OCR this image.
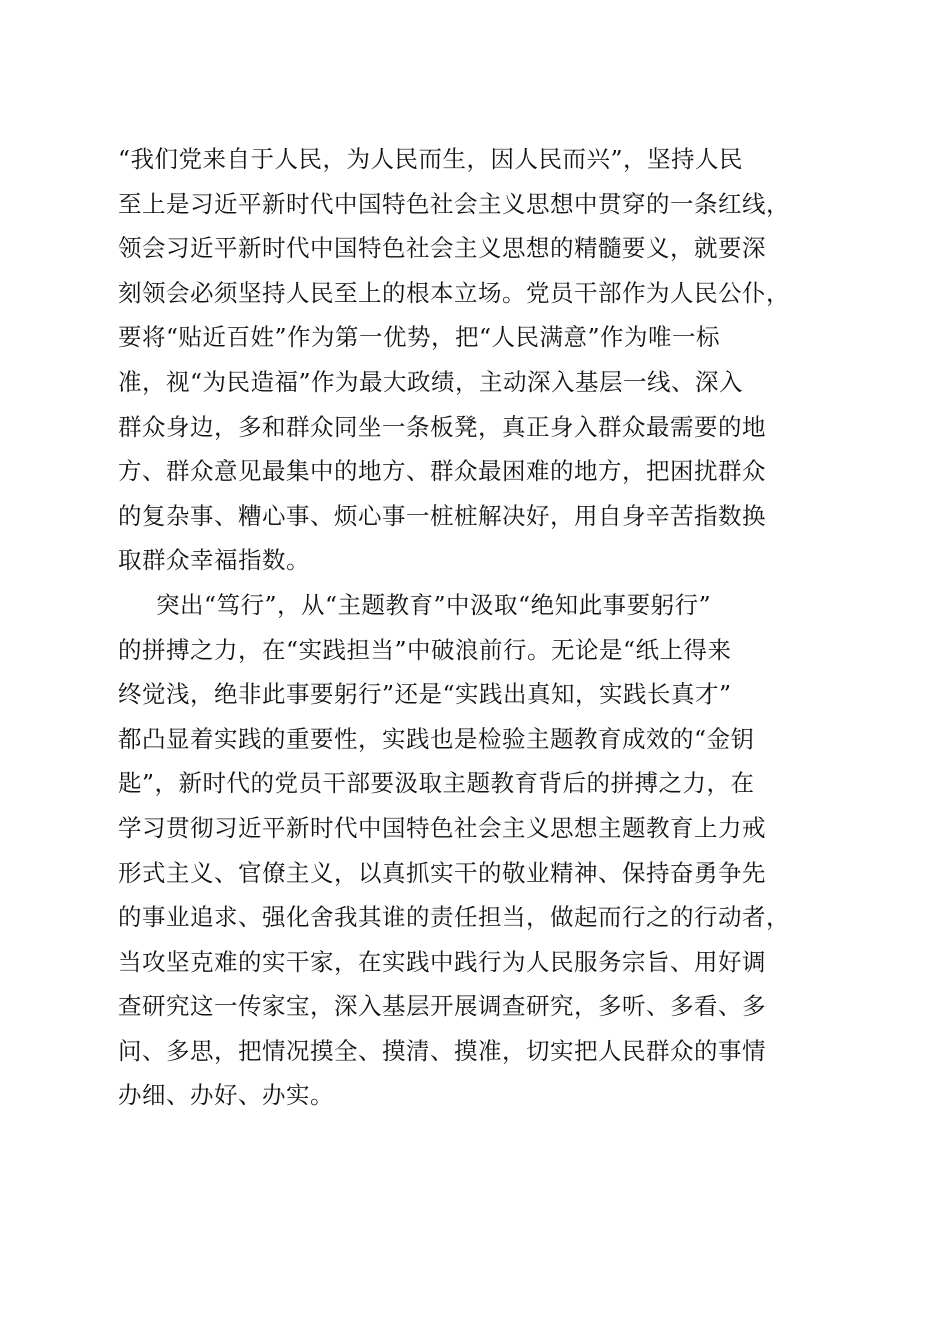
“我们党来自于人民，为人民而生，因人民而兴”，坚持人民
至上是习近平新时代中国特色社会主义思想中贯穿的一条红线，
领会习近平新时代中国特色社会主义思想的精髓要义，就要深
刻领会必须坚持人民至上的根本立场。党员干部作为人民公仆，
要将“贴近百姓”作为第一优势，把“人民满意”作为唯一标
准，视“为民造福”作为最大政绩，主动深入基层一线、深入
群众身边，多和群众同坐一条板凳，真正身入群众最需要的地
方、群众意见最集中的地方、群众最困难的地方，把困扰群众
的复杂事、糟心事、烦心事一桩桩解决好，用自身辛苦指数换
取群众幸福指数。

突出“笃行”，从“主题教育”中汲取“绝知此事要躬行”
的拼搏之力，在“实践担当”中破浪前行。无论是“纸上得来
终觉浅，绝非此事要躬行”还是“实践出真知，实践长真才”
都凸显着实践的重要性，实践也是检验主题教育成效的“金钥
匙”，新时代的党员干部要汲取主题教育背后的拼搏之力，在
学习贯彻习近平新时代中国特色社会主义思想主题教育上力戒
形式主义、官僚主义，以真抓实干的敬业精神、保持奋勇争先
的事业追求、强化舍我其谁的责任担当，做起而行之的行动者，
当攻坚克难的实干家，在实践中践行为人民服务宗旨、用好调
查研究这一传家宝，深入基层开展调查研究，多听、多看、多
问、多思，把情况摸全、摸清、摸准，切实把人民群众的事情
办细、办好、办实。
